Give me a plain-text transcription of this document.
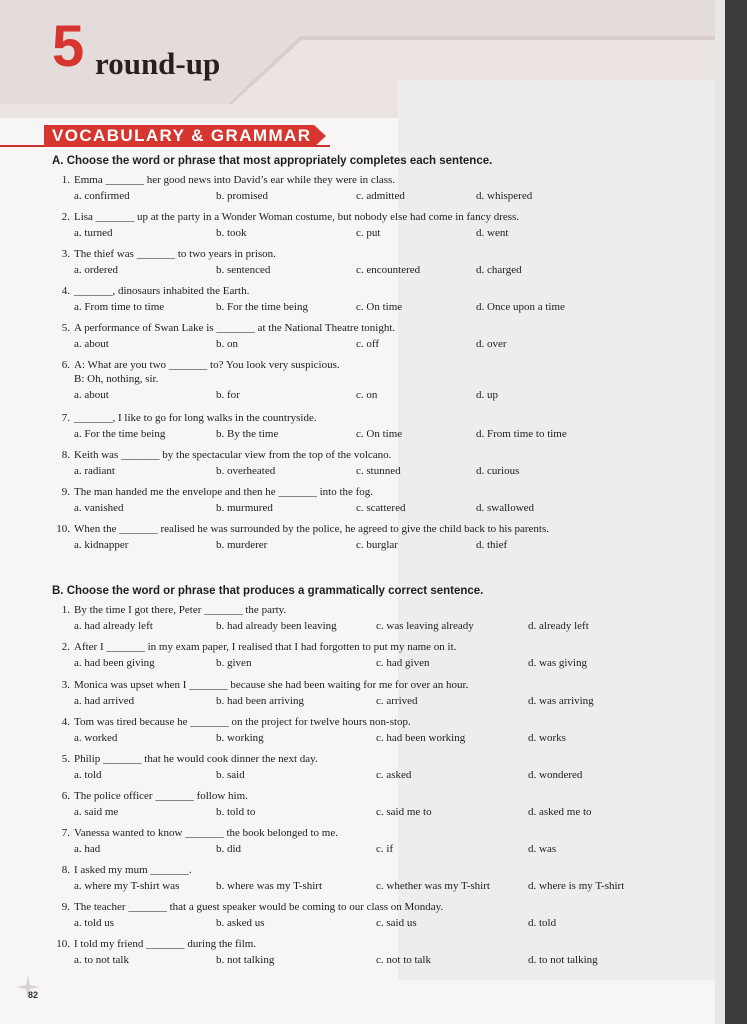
5 round-up
VOCABULARY & GRAMMAR
A. Choose the word or phrase that most appropriately completes each sentence.
1. Emma _______ her good news into David’s ear while they were in class.
a. confirmed	b. promised	c. admitted	d. whispered
2. Lisa _______ up at the party in a Wonder Woman costume, but nobody else had come in fancy dress.
a. turned	b. took	c. put	d. went
3. The thief was _______ to two years in prison.
a. ordered	b. sentenced	c. encountered	d. charged
4. _______, dinosaurs inhabited the Earth.
a. From time to time	b. For the time being	c. On time	d. Once upon a time
5. A performance of Swan Lake is _______ at the National Theatre tonight.
a. about	b. on	c. off	d. over
6. A: What are you two _______ to? You look very suspicious.
B: Oh, nothing, sir.
a. about	b. for	c. on	d. up
7. _______, I like to go for long walks in the countryside.
a. For the time being	b. By the time	c. On time	d. From time to time
8. Keith was _______ by the spectacular view from the top of the volcano.
a. radiant	b. overheated	c. stunned	d. curious
9. The man handed me the envelope and then he _______ into the fog.
a. vanished	b. murmured	c. scattered	d. swallowed
10. When the _______ realised he was surrounded by the police, he agreed to give the child back to his parents.
a. kidnapper	b. murderer	c. burglar	d. thief
B. Choose the word or phrase that produces a grammatically correct sentence.
1. By the time I got there, Peter _______ the party.
a. had already left	b. had already been leaving	c. was leaving already	d. already left
2. After I _______ in my exam paper, I realised that I had forgotten to put my name on it.
a. had been giving	b. given	c. had given	d. was giving
3. Monica was upset when I _______ because she had been waiting for me for over an hour.
a. had arrived	b. had been arriving	c. arrived	d. was arriving
4. Tom was tired because he _______ on the project for twelve hours non-stop.
a. worked	b. working	c. had been working	d. works
5. Philip _______ that he would cook dinner the next day.
a. told	b. said	c. asked	d. wondered
6. The police officer _______ follow him.
a. said me	b. told to	c. said me to	d. asked me to
7. Vanessa wanted to know _______ the book belonged to me.
a. had	b. did	c. if	d. was
8. I asked my mum _______.
a. where my T-shirt was	b. where was my T-shirt	c. whether was my T-shirt	d. where is my T-shirt
9. The teacher _______ that a guest speaker would be coming to our class on Monday.
a. told us	b. asked us	c. said us	d. told
10. I told my friend _______ during the film.
a. to not talk	b. not talking	c. not to talk	d. to not talking
82
